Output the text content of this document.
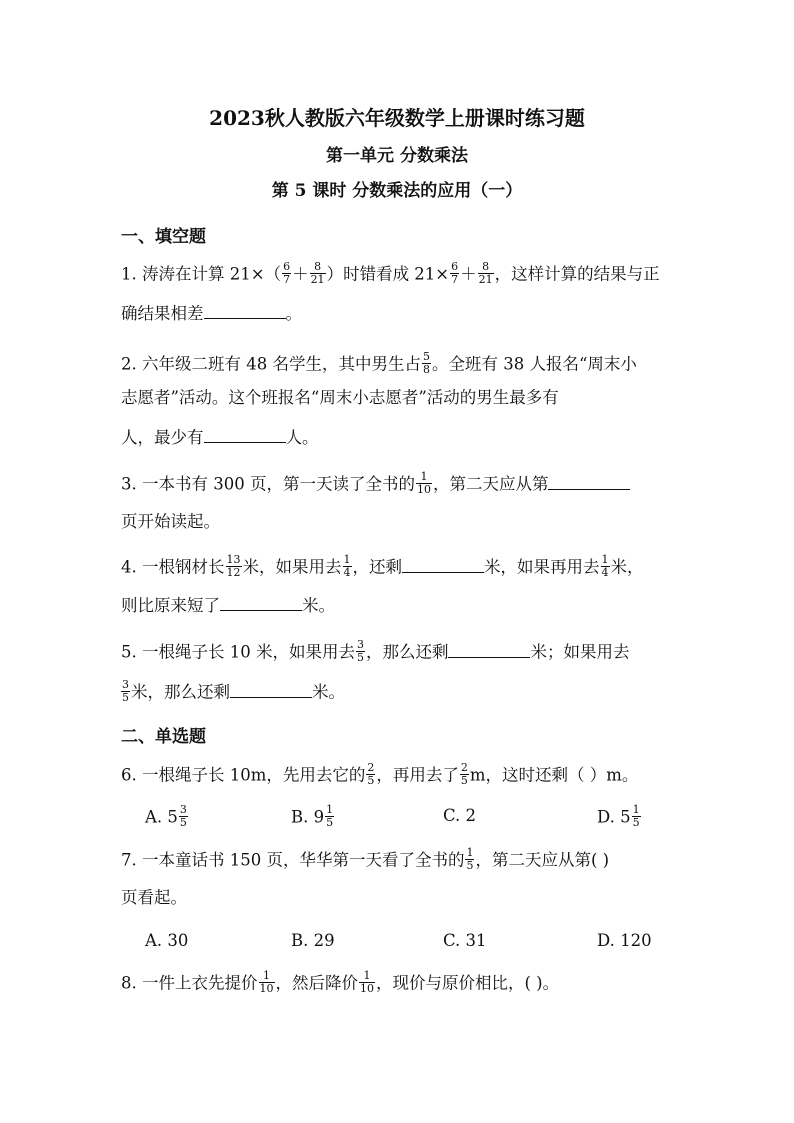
2023秋人教版六年级数学上册课时练习题
第一单元 分数乘法
第 5 课时 分数乘法的应用（一）
一、填空题
1. 涛涛在计算 $21\times( \frac{6}{7} + \frac{8}{21}$ ）时错看成 $21\times \frac{6}{7} + \frac{8}{21}$ ，这样计算的结果与正
确结果相差	。
2. 六年级二班有 48 名学生，其中男生占 $\frac{5}{8}$ 。全班有 38 人报名“周末小
志愿者”活动。这个班报名“周末小志愿者”活动的男生最多有
人，最少有	人。
3. 一本书有 300 页，第一天读了全书的 $\frac{1}{10}$ ，第二天应从第
页开始读起。
4. 一根钢材长 $\frac{13}{12}$ 米，如果用去 $\frac{1}{4}$ ，还剩	米，如果再用去 $\frac{1}{4}$ 米，
则比原来短了	米。
5. 一根绳子长 10 米，如果用去 $\frac{3}{5}$ ，那么还剩	米；如果用去
$\frac{3}{5}$ 米，那么还剩	米。
二、单选题
6. 一根绳子长 10m，先用去它的 $\frac{2}{5}$ ，再用去了 $\frac{2}{5}$ m，这时还剩（ ）m。
A. $5 \frac{3}{5}$	B. $9 \frac{1}{5}$	C. 2	D. $5 \frac{1}{5}$
7. 一本童话书 150 页，华华第一天看了全书的 $\frac{1}{5}$ ，第二天应从第( )
页看起。
A. 30	B. 29	C. 31	D. 120
8. 一件上衣先提价 $\frac{1}{10}$ ，然后降价 $\frac{1}{10}$ ，现价与原价相比，( )。
